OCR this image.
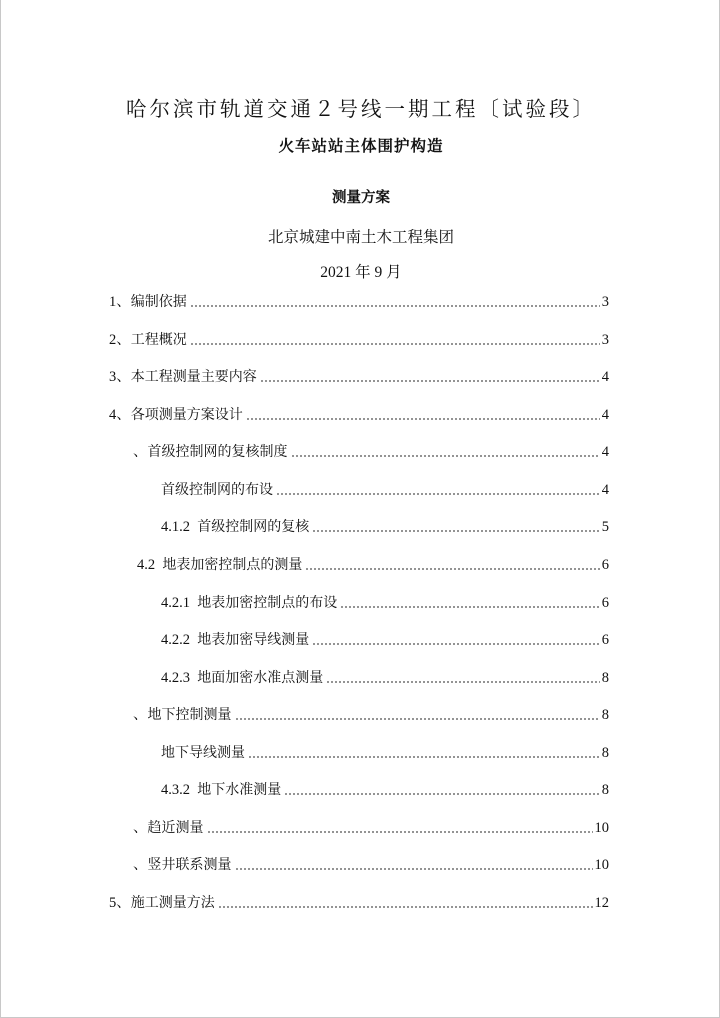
哈尔滨市轨道交通２号线一期工程〔试验段〕
火车站站主体围护构造
测量方案
北京城建中南土木工程集团
2021 年 9 月
1、 编制依据	3
2、 工程概况	3
3、 本工程测量主要内容	4
4、 各项测量方案设计	4
、 首级控制网的复核制度	4
首级控制网的布设	4
4.1.2 首级控制网的复核	5
4.2 地表加密控制点的测量	6
4.2.1 地表加密控制点的布设	6
4.2.2 地表加密导线测量	6
4.2.3 地面加密水准点测量	8
、 地下控制测量	8
地下导线测量	8
4.3.2 地下水准测量	8
、 趋近测量	10
、 竖井联系测量	10
5、 施工测量方法	12
